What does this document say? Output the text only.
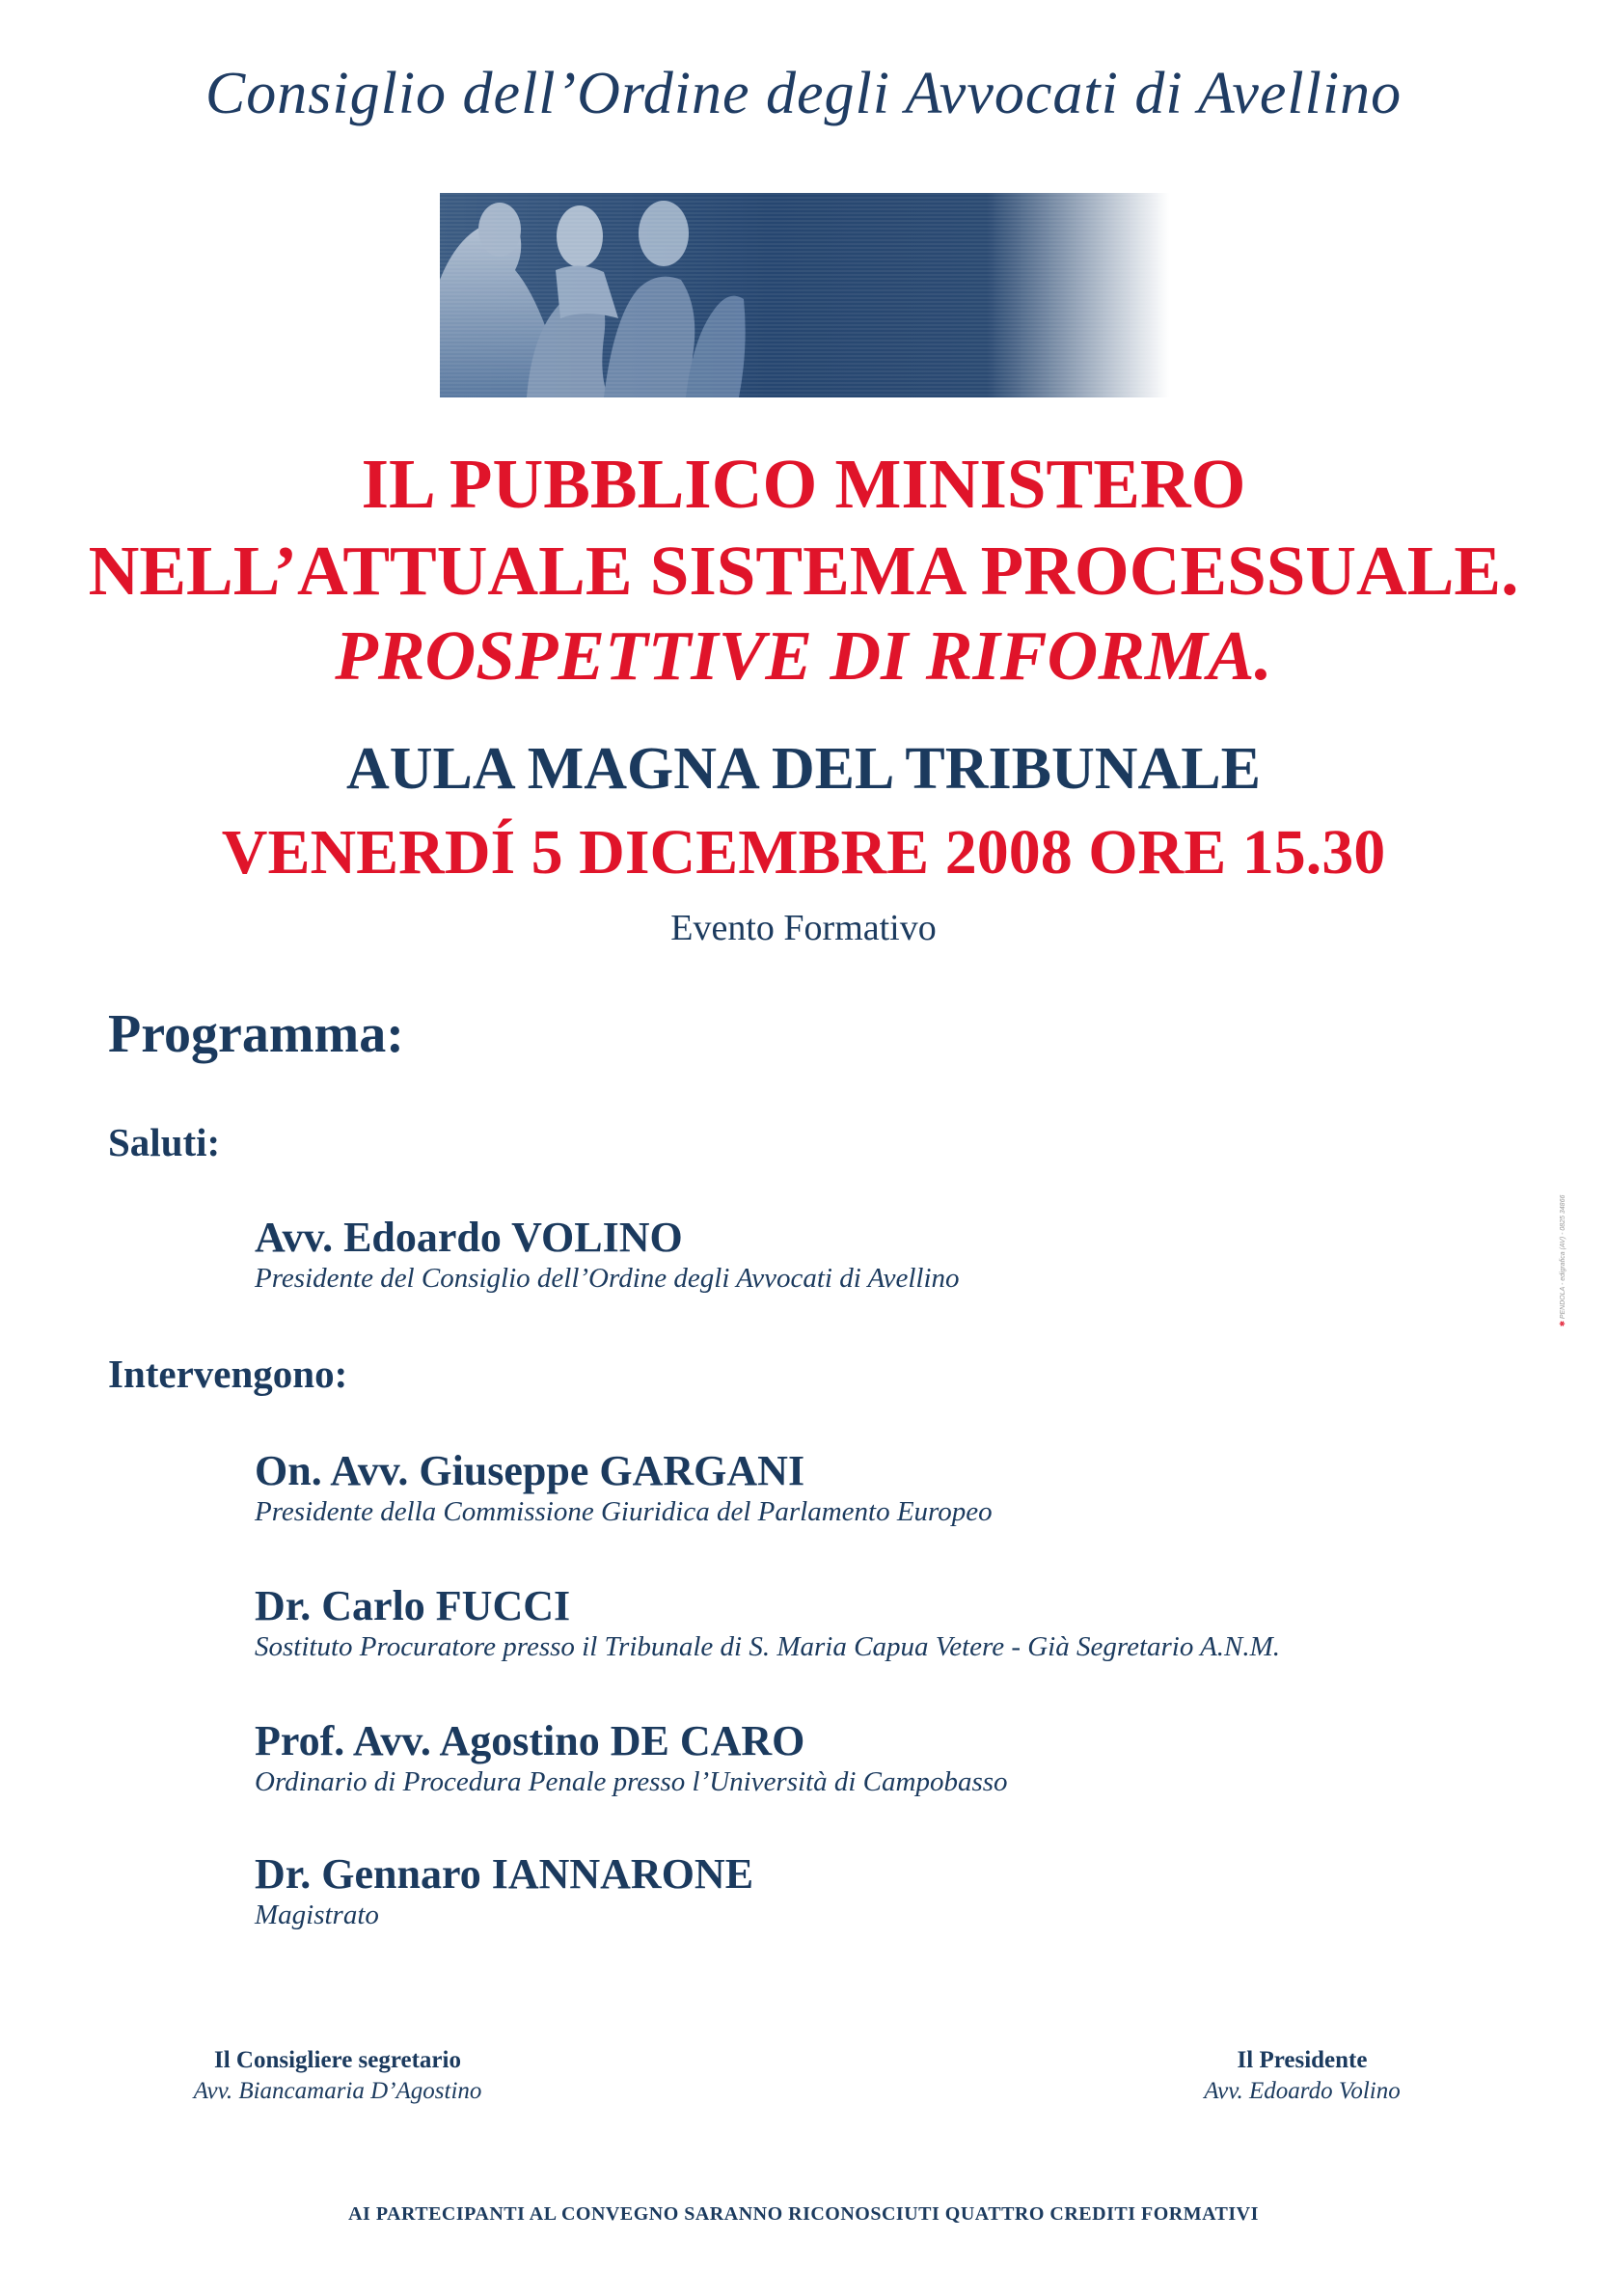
Consiglio dell’Ordine degli Avvocati di Avellino
IL PUBBLICO MINISTERO
NELL’ATTUALE SISTEMA PROCESSUALE.
PROSPETTIVE DI RIFORMA.
AULA MAGNA DEL TRIBUNALE
VENERDÍ 5 DICEMBRE 2008 ORE 15.30
Evento Formativo
Programma:
Saluti:
Avv. Edoardo VOLINO
Presidente del Consiglio dell’Ordine degli Avvocati di Avellino
Intervengono:
On. Avv. Giuseppe GARGANI
Presidente della Commissione Giuridica del Parlamento Europeo
Dr. Carlo FUCCI
Sostituto Procuratore presso il Tribunale di S. Maria Capua Vetere - Già Segretario A.N.M.
Prof. Avv. Agostino DE CARO
Ordinario di Procedura Penale presso l’Università di Campobasso
Dr. Gennaro IANNARONE
Magistrato
Il Consigliere segretario
Avv. Biancamaria D’Agostino
Il Presidente
Avv. Edoardo Volino
AI PARTECIPANTI AL CONVEGNO SARANNO RICONOSCIUTI QUATTRO CREDITI FORMATIVI
✻ PENDOLA - edigrafica (AV) - 0825 34866
